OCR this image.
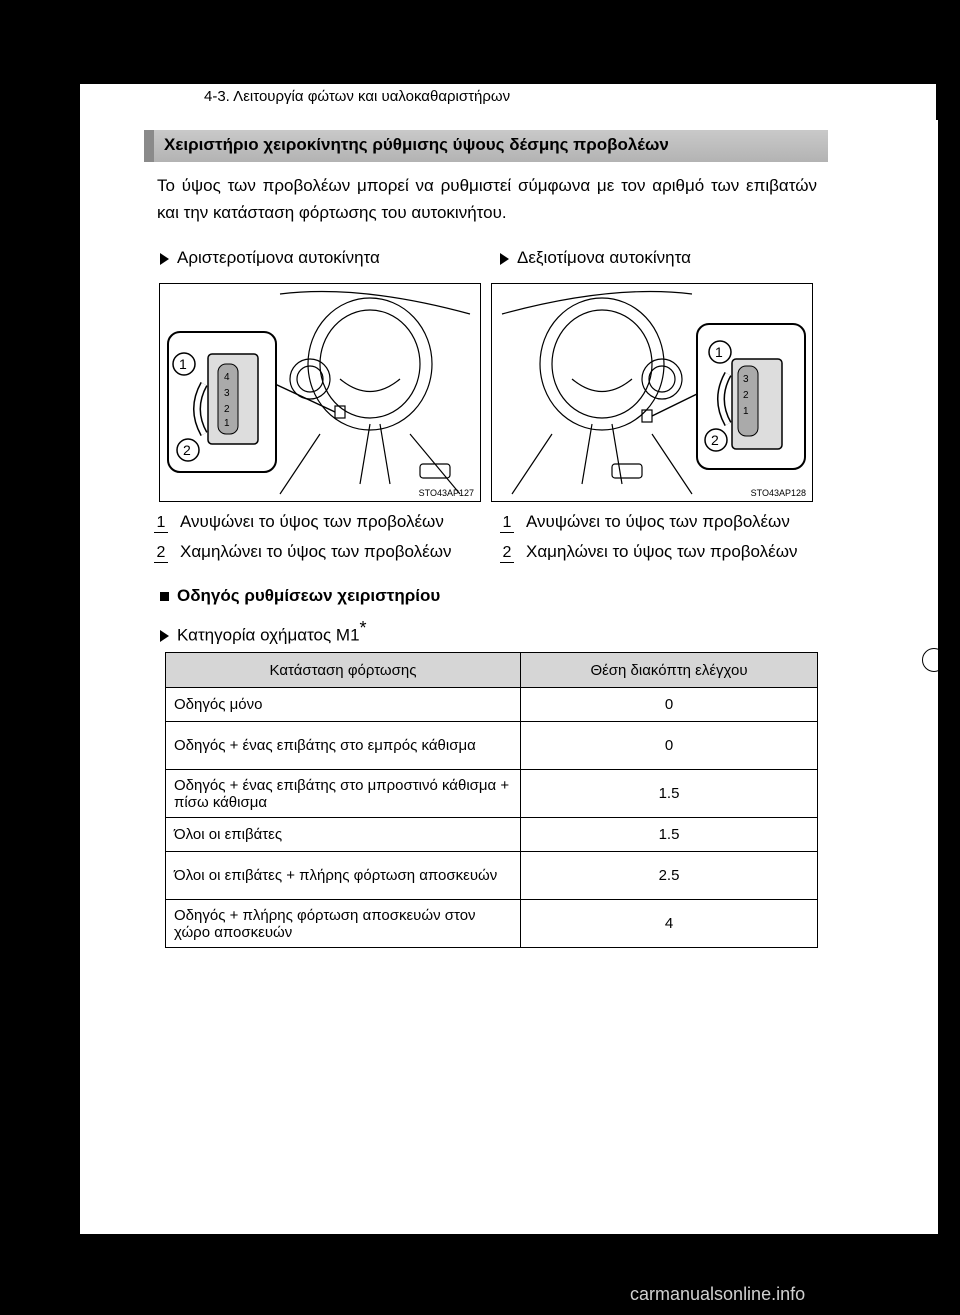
4-3. Λειτουργία φώτων και υαλοκαθαριστήρων
Χειριστήριο χειροκίνητης ρύθμισης ύψους δέσμης προβολέων
Το ύψος των προβολέων μπορεί να ρυθμιστεί σύμφωνα με τον αριθμό των επιβατών και την κατάσταση φόρτωσης του αυτοκινήτου.
Αριστεροτίμονα αυτοκίνητα	Δεξιοτίμονα αυτοκίνητα
4
3
2
1
1
2
STO43AP127
3
2
1
1
2
STO43AP128
1 Ανυψώνει το ύψος των προβολέων
2 Χαμηλώνει το ύψος των προβολέων
1 Ανυψώνει το ύψος των προβολέων
2 Χαμηλώνει το ύψος των προβολέων
Οδηγός ρυθμίσεων χειριστηρίου
Κατηγορία οχήματος M1*
Κατάσταση φόρτωσης	Θέση διακόπτη ελέγχου
Οδηγός μόνο	0
Οδηγός + ένας επιβάτης στο εμπρός κάθισμα	0
Οδηγός + ένας επιβάτης στο μπροστινό κάθισμα + πίσω κάθισμα	1.5
Όλοι οι επιβάτες	1.5
Όλοι οι επιβάτες + πλήρης φόρτωση αποσκευών	2.5
Οδηγός + πλήρης φόρτωση αποσκευών στον χώρο αποσκευών	4
carmanualsonline.info
